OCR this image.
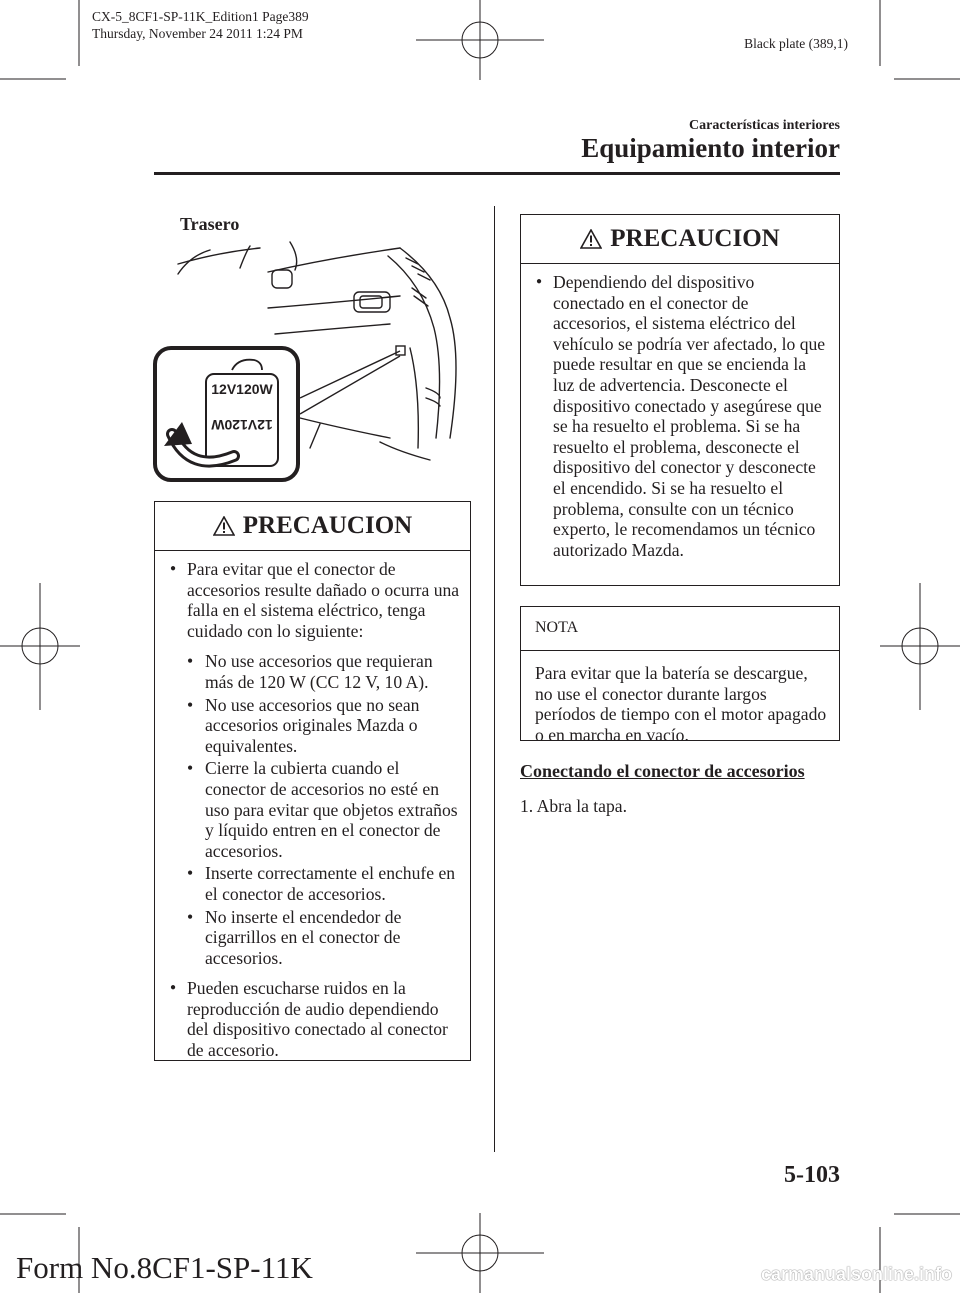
CX-5_8CF1-SP-11K_Edition1 Page389
Thursday, November 24 2011 1:24 PM
Black plate (389,1)
Características interiores
Equipamiento interior
Trasero
12V120W
12V120W
PRECAUCION
● Para evitar que el conector de accesorios resulte dañado o ocurra una falla en el sistema eléctrico, tenga cuidado con lo siguiente:
• No use accesorios que requieran más de 120 W (CC 12 V, 10 A).
• No use accesorios que no sean accesorios originales Mazda o equivalentes.
• Cierre la cubierta cuando el conector de accesorios no esté en uso para evitar que objetos extraños y líquido entren en el conector de accesorios.
• Inserte correctamente el enchufe en el conector de accesorios.
• No inserte el encendedor de cigarrillos en el conector de accesorios.
● Pueden escucharse ruidos en la reproducción de audio dependiendo del dispositivo conectado al conector de accesorio.
PRECAUCION
● Dependiendo del dispositivo conectado en el conector de accesorios, el sistema eléctrico del vehículo se podría ver afectado, lo que puede resultar en que se encienda la luz de advertencia. Desconecte el dispositivo conectado y asegúrese que se ha resuelto el problema. Si se ha resuelto el problema, desconecte el dispositivo del conector y desconecte el encendido. Si se ha resuelto el problema, consulte con un técnico experto, le recomendamos un técnico autorizado Mazda.
NOTA
Para evitar que la batería se descargue, no use el conector durante largos períodos de tiempo con el motor apagado o en marcha en vacío.
Conectando el conector de accesorios
1. Abra la tapa.
5-103
Form No.8CF1-SP-11K	carmanualsonline.info
